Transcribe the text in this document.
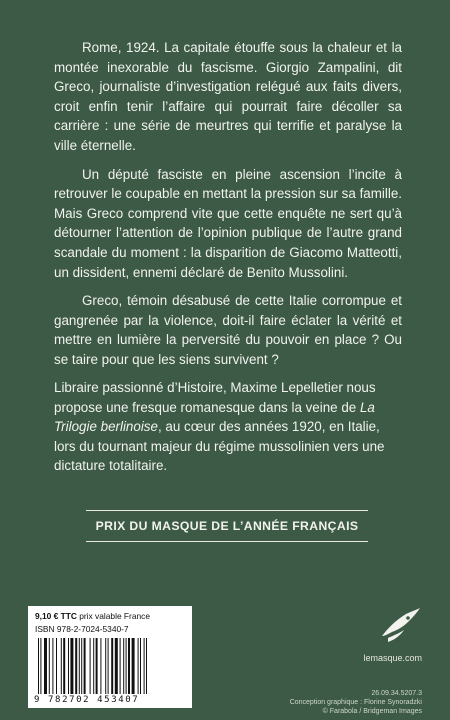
Rome, 1924. La capitale étouffe sous la chaleur et la montée inexorable du fascisme. Giorgio Zampalini, dit Greco, journaliste d’investigation relégué aux faits divers, croit enfin tenir l’affaire qui pourrait faire décoller sa carrière : une série de meurtres qui terrifie et paralyse la ville éternelle.

Un député fasciste en pleine ascension l’incite à retrouver le coupable en mettant la pression sur sa famille. Mais Greco comprend vite que cette enquête ne sert qu’à détourner l’attention de l’opinion publique de l’autre grand scandale du moment : la disparition de Giacomo Matteotti, un dissident, ennemi déclaré de Benito Mussolini.

Greco, témoin désabusé de cette Italie corrompue et gangrenée par la violence, doit-il faire éclater la vérité et mettre en lumière la perversité du pouvoir en place ? Ou se taire pour que les siens survivent ?

Libraire passionné d’Histoire, Maxime Lepelletier nous propose une fresque romanesque dans la veine de La Trilogie berlinoise, au cœur des années 1920, en Italie, lors du tournant majeur du régime mussolinien vers une dictature totalitaire.
PRIX DU MASQUE DE L’ANNÉE FRANÇAIS
9,10 € TTC prix valable France
ISBN 978-2-7024-5340-7
9 782702 453407
lemasque.com
26.09.34.5207.3
Conception graphique : Florine Synoradzki
© Farabola / Bridgeman Images
